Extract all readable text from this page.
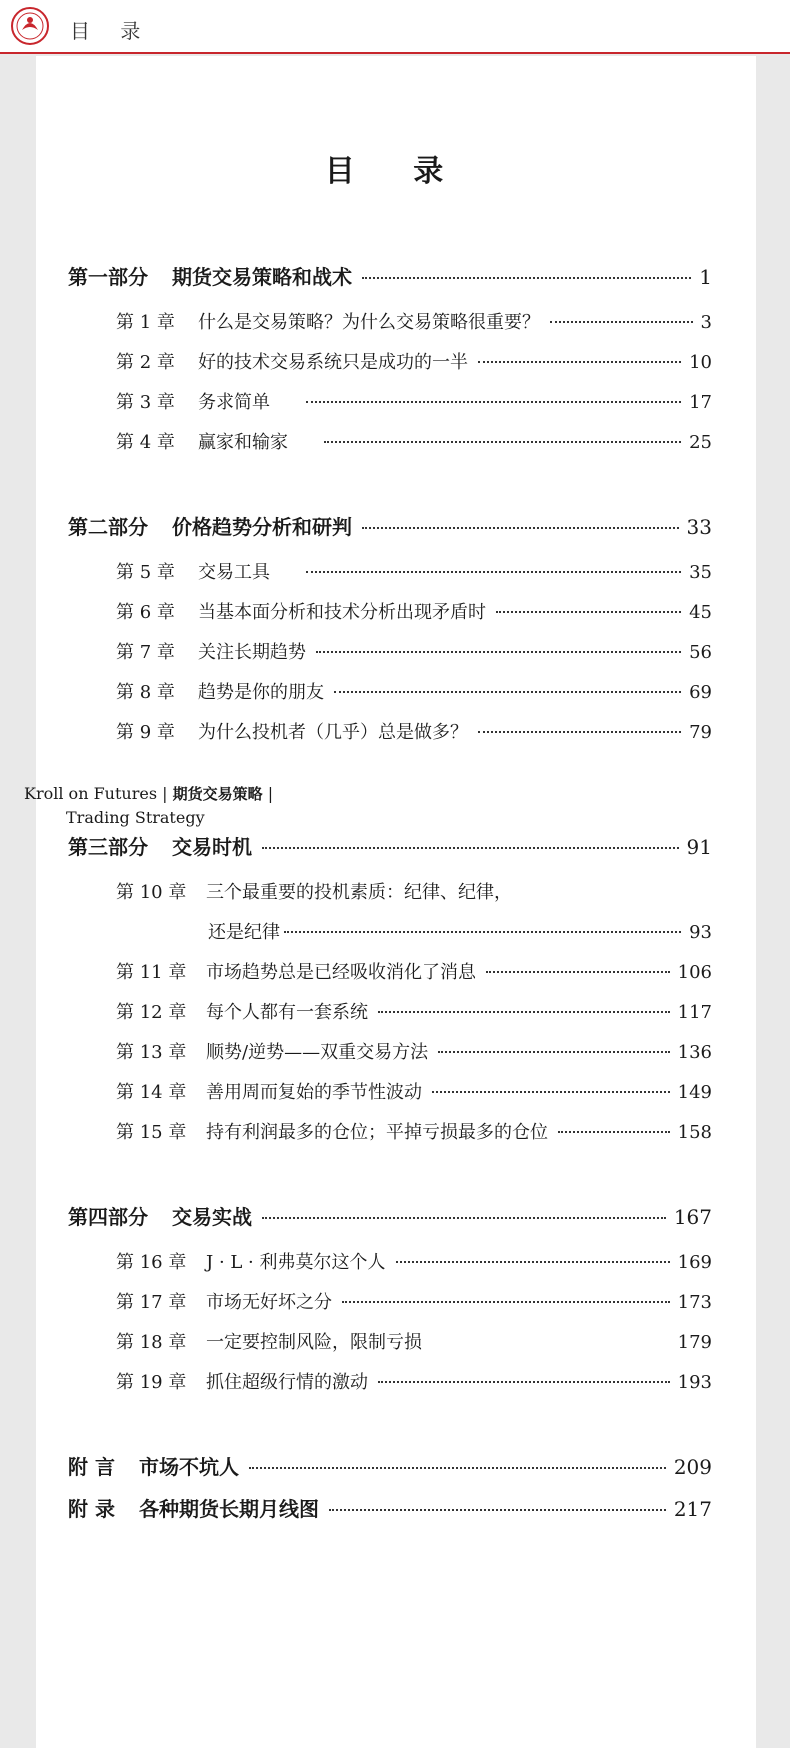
目 录
目 录
第一部分 期货交易策略和战术	1
第 1 章	什么是交易策略？为什么交易策略很重要？	3
第 2 章	好的技术交易系统只是成功的一半	10
第 3 章	务求简单	17
第 4 章	赢家和输家	25
第二部分 价格趋势分析和研判	33
第 5 章	交易工具	35
第 6 章	当基本面分析和技术分析出现矛盾时	45
第 7 章	关注长期趋势	56
第 8 章	趋势是你的朋友	69
第 9 章	为什么投机者（几乎）总是做多？	79
第三部分 交易时机	91
第 10 章	三个最重要的投机素质：纪律、纪律，
还是纪律	93
第 11 章	市场趋势总是已经吸收消化了消息	106
第 12 章	每个人都有一套系统	117
第 13 章	顺势/逆势——双重交易方法	136
第 14 章	善用周而复始的季节性波动	149
第 15 章	持有利润最多的仓位；平掉亏损最多的仓位	158
第四部分 交易实战	167
第 16 章	J · L · 利弗莫尔这个人	169
第 17 章	市场无好坏之分	173
第 18 章	一定要控制风险，限制亏损	179
第 19 章	抓住超级行情的激动	193
附 言 市场不坑人	209
附 录 各种期货长期月线图	217
Kroll on Futures | 期货交易策略 |
Trading Strategy
